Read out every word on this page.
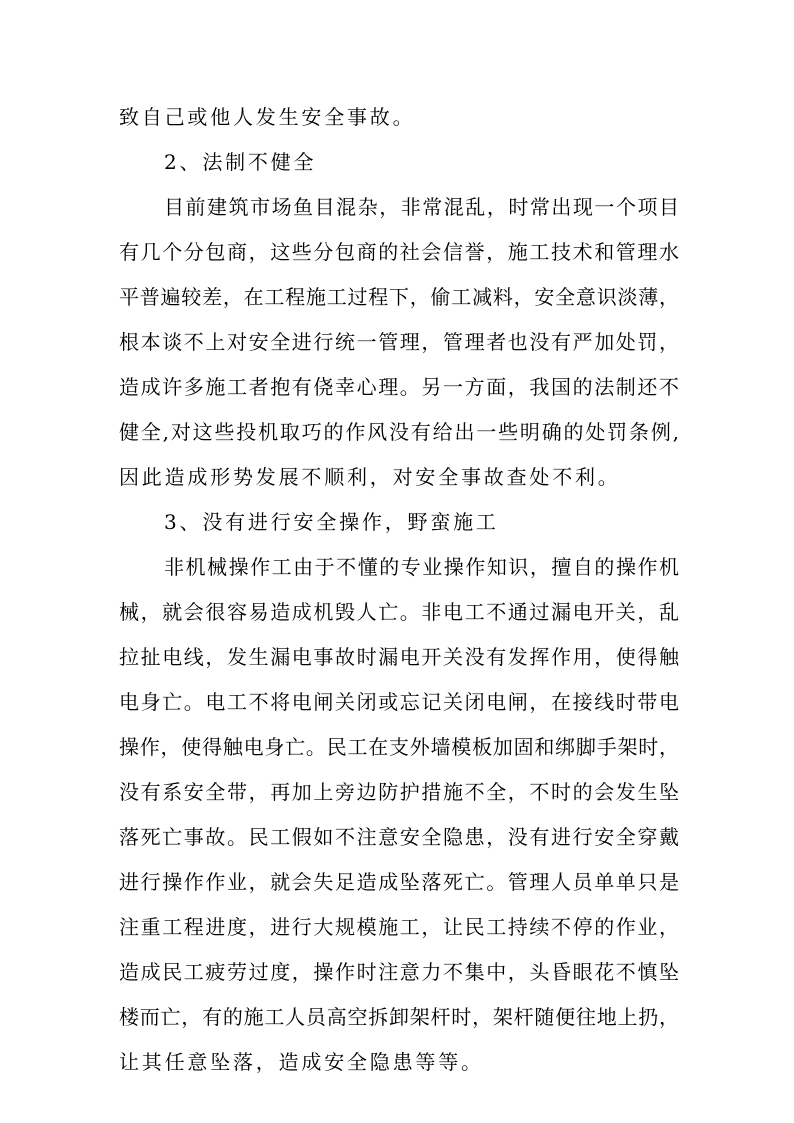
致自己或他人发生安全事故。
2、法制不健全
目前建筑市场鱼目混杂，非常混乱，时常出现一个项目
有几个分包商，这些分包商的社会信誉，施工技术和管理水
平普遍较差，在工程施工过程下，偷工减料，安全意识淡薄，
根本谈不上对安全进行统一管理，管理者也没有严加处罚，
造成许多施工者抱有侥幸心理。另一方面，我国的法制还不
健全,对这些投机取巧的作风没有给出一些明确的处罚条例,
因此造成形势发展不顺利，对安全事故查处不利。
3、没有进行安全操作，野蛮施工
非机械操作工由于不懂的专业操作知识，擅自的操作机
械，就会很容易造成机毁人亡。非电工不通过漏电开关，乱
拉扯电线，发生漏电事故时漏电开关没有发挥作用，使得触
电身亡。电工不将电闸关闭或忘记关闭电闸，在接线时带电
操作，使得触电身亡。民工在支外墙模板加固和绑脚手架时，
没有系安全带，再加上旁边防护措施不全，不时的会发生坠
落死亡事故。民工假如不注意安全隐患，没有进行安全穿戴
进行操作作业，就会失足造成坠落死亡。管理人员单单只是
注重工程进度，进行大规模施工，让民工持续不停的作业，
造成民工疲劳过度，操作时注意力不集中，头昏眼花不慎坠
楼而亡，有的施工人员高空拆卸架杆时，架杆随便往地上扔，
让其任意坠落，造成安全隐患等等。
